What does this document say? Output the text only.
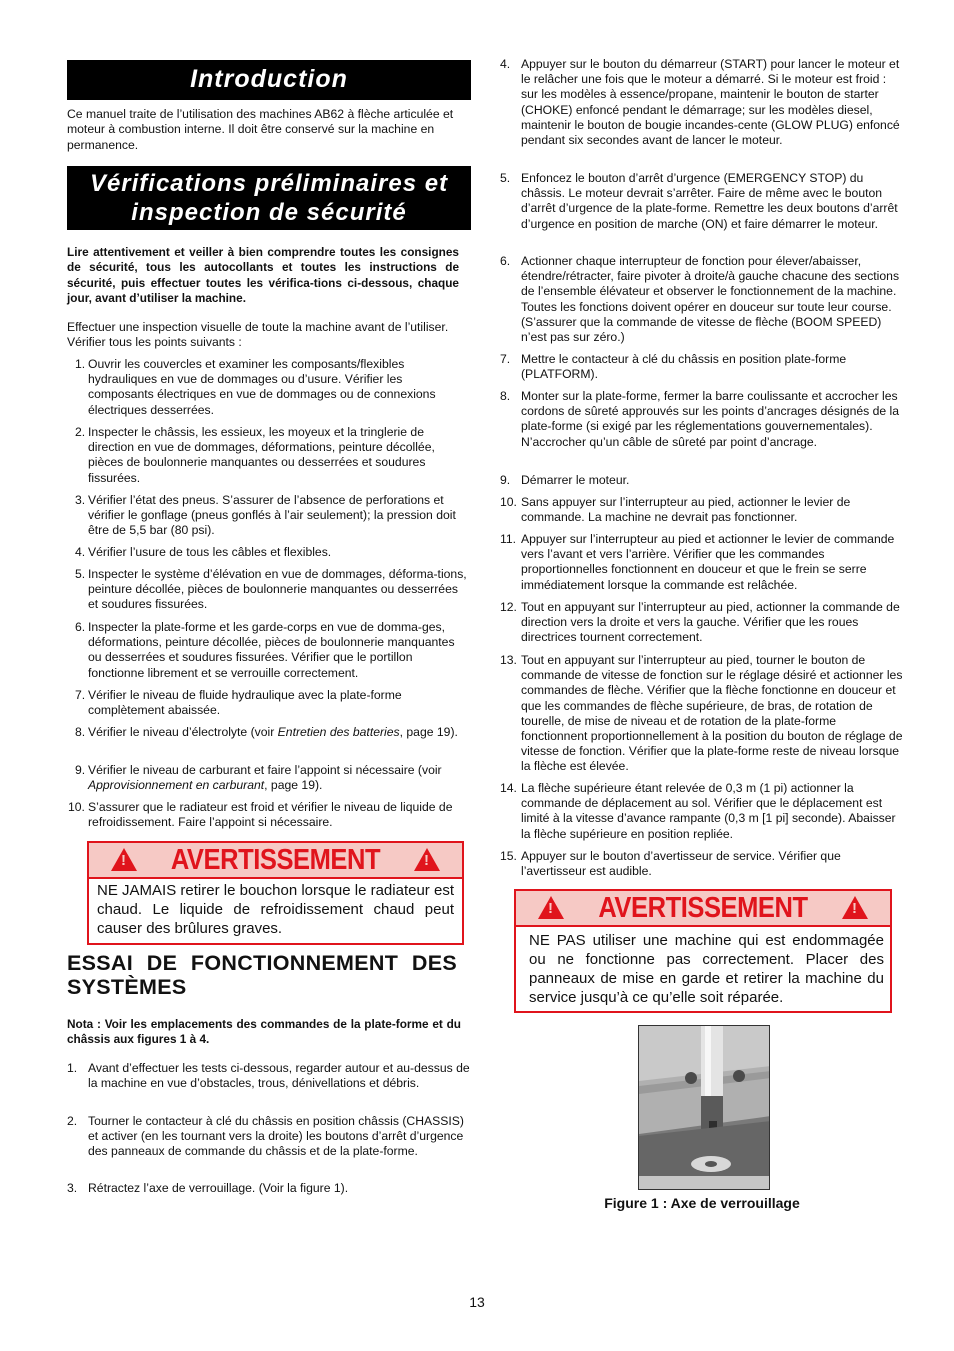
Introduction
Ce manuel traite de l’utilisation des machines AB62 à flèche articulée et moteur à combustion interne. Il doit être conservé sur la machine en permanence.
Vérifications préliminaires et
inspection de sécurité
Lire attentivement et veiller à bien comprendre toutes les consignes de sécurité, tous les autocollants et toutes les instructions de sécurité, puis effectuer toutes les vérifica-tions ci-dessous, chaque jour, avant d’utiliser la machine.
Effectuer une inspection visuelle de toute la machine avant de l’utiliser. Vérifier tous les points suivants :
1. Ouvrir les couvercles et examiner les composants/flexibles hydrauliques en vue de dommages ou d’usure. Vérifier les composants électriques en vue de dommages ou de connexions électriques desserrées.
2. Inspecter le châssis, les essieux, les moyeux et la tringlerie de direction en vue de dommages, déformations, peinture décollée, pièces de boulonnerie manquantes ou desserrées et soudures fissurées.
3. Vérifier l’état des pneus. S’assurer de l’absence de perforations et vérifier le gonflage (pneus gonflés à l’air seulement); la pression doit être de 5,5 bar (80 psi).
4. Vérifier l’usure de tous les câbles et flexibles.
5. Inspecter le système d’élévation en vue de dommages, déforma-tions, peinture décollée, pièces de boulonnerie manquantes ou desserrées et soudures fissurées.
6. Inspecter la plate-forme et les garde-corps en vue de domma-ges, déformations, peinture décollée, pièces de boulonnerie manquantes ou desserrées et soudures fissurées. Vérifier que le portillon fonctionne librement et se verrouille correctement.
7. Vérifier le niveau de fluide hydraulique avec la plate-forme complètement abaissée.
8. Vérifier le niveau d’électrolyte (voir Entretien des batteries, page 19).
9. Vérifier le niveau de carburant et faire l’appoint si nécessaire (voir Approvisionnement en carburant, page 19).
10. S’assurer que le radiateur est froid et vérifier le niveau de liquide de refroidissement. Faire l’appoint si nécessaire.
!	AVERTISSEMENT	!
NE JAMAIS retirer le bouchon lorsque le radiateur est chaud. Le liquide de refroidissement chaud peut causer des brûlures graves.
ESSAI DE FONCTIONNEMENT DES SYSTÈMES
Nota : Voir les emplacements des commandes de la plate-forme et du châssis aux figures 1 à 4.
1. Avant d’effectuer les tests ci-dessous, regarder autour et au-dessus de la machine en vue d’obstacles, trous, dénivellations et débris.
2. Tourner le contacteur à clé du châssis en position châssis (CHASSIS) et activer (en les tournant vers la droite) les boutons d’arrêt d’urgence des panneaux de commande du châssis et de la plate-forme.
3. Rétractez l’axe de verrouillage. (Voir la figure 1).
4. Appuyer sur le bouton du démarreur (START) pour lancer le moteur et le relâcher une fois que le moteur a démarré. Si le moteur est froid : sur les modèles à essence/propane, maintenir le bouton de starter (CHOKE) enfoncé pendant le démarrage; sur les modèles diesel, maintenir le bouton de bougie incandes-cente (GLOW PLUG) enfoncé pendant six secondes avant de lancer le moteur.
5. Enfoncez le bouton d’arrêt d’urgence (EMERGENCY STOP) du châssis. Le moteur devrait s’arrêter. Faire de même avec le bouton d’arrêt d’urgence de la plate-forme. Remettre les deux boutons d’arrêt d’urgence en position de marche (ON) et faire démarrer le moteur.
6. Actionner chaque interrupteur de fonction pour élever/abaisser, étendre/rétracter, faire pivoter à droite/à gauche chacune des sections de l’ensemble élévateur et observer le fonctionnement de la machine. Toutes les fonctions doivent opérer en douceur sur toute leur course. (S’assurer que la commande de vitesse de flèche (BOOM SPEED) n’est pas sur zéro.)
7. Mettre le contacteur à clé du châssis en position plate-forme (PLATFORM).
8. Monter sur la plate-forme, fermer la barre coulissante et accrocher les cordons de sûreté approuvés sur les points d’ancrages désignés de la plate-forme (si exigé par les réglementations gouvernementales). N’accrocher qu’un câble de sûreté par point d’ancrage.
9. Démarrer le moteur.
10. Sans appuyer sur l’interrupteur au pied, actionner le levier de commande. La machine ne devrait pas fonctionner.
11. Appuyer sur l’interrupteur au pied et actionner le levier de commande vers l’avant et vers l’arrière. Vérifier que les commandes proportionnelles fonctionnent en douceur et que le frein se serre immédiatement lorsque la commande est relâchée.
12. Tout en appuyant sur l’interrupteur au pied, actionner la commande de direction vers la droite et vers la gauche. Vérifier que les roues directrices tournent correctement.
13. Tout en appuyant sur l’interrupteur au pied, tourner le bouton de commande de vitesse de fonction sur le réglage désiré et actionner les commandes de flèche. Vérifier que la flèche fonctionne en douceur et que les commandes de flèche supérieure, de bras, de rotation de tourelle, de mise de niveau et de rotation de la plate-forme fonctionnent proportionnellement à la position du bouton de réglage de vitesse de fonction. Vérifier que la plate-forme reste de niveau lorsque la flèche est élevée.
14. La flèche supérieure étant relevée de 0,3 m (1 pi) actionner la commande de déplacement au sol. Vérifier que le déplacement est limité à la vitesse d’avance rampante (0,3 m [1 pi] seconde). Abaisser la flèche supérieure en position repliée.
15. Appuyer sur le bouton d’avertisseur de service. Vérifier que l’avertisseur est audible.
!	AVERTISSEMENT	!
NE PAS utiliser une machine qui est endommagée ou ne fonctionne pas correctement. Placer des panneaux de mise en garde et retirer la machine du service jusqu’à ce qu’elle soit réparée.
Figure 1 : Axe de verrouillage
13
